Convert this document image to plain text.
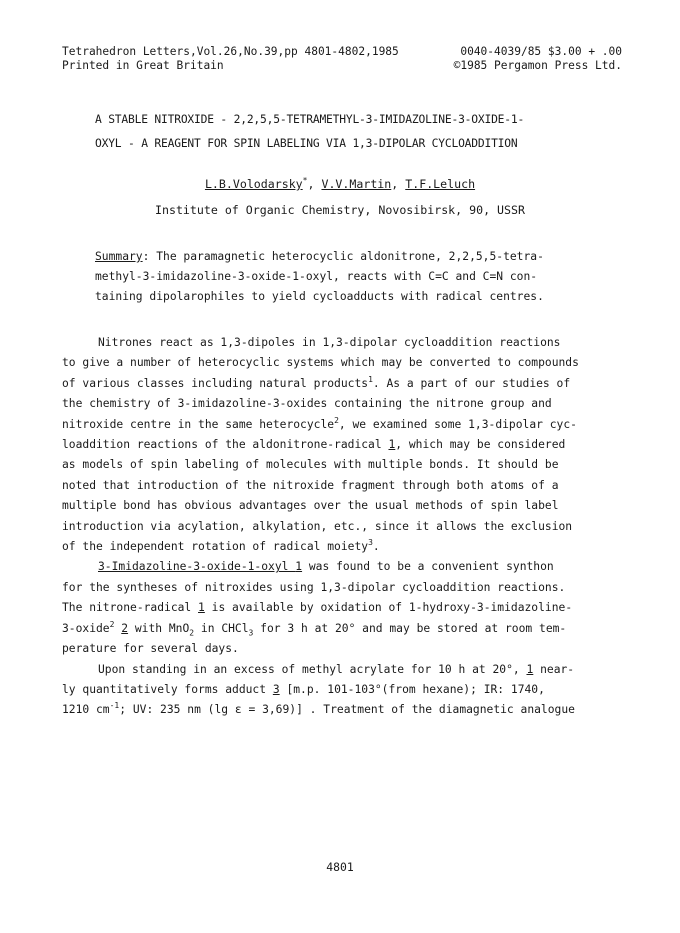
Tetrahedron Letters,Vol.26,No.39,pp 4801-4802,1985	0040-4039/85 $3.00 + .00
Printed in Great Britain	©1985 Pergamon Press Ltd.
A STABLE NITROXIDE - 2,2,5,5-TETRAMETHYL-3-IMIDAZOLINE-3-OXIDE-1-
OXYL - A REAGENT FOR SPIN LABELING VIA 1,3-DIPOLAR CYCLOADDITION
L.B.Volodarsky*, V.V.Martin, T.F.Leluch
Institute of Organic Chemistry, Novosibirsk, 90, USSR
Summary: The paramagnetic heterocyclic aldonitrone, 2,2,5,5-tetra-
methyl-3-imidazoline-3-oxide-1-oxyl, reacts with C=C and C=N con-
taining dipolarophiles to yield cycloadducts with radical centres.
Nitrones react as 1,3-dipoles in 1,3-dipolar cycloaddition reactions
to give a number of heterocyclic systems which may be converted to compounds
of various classes including natural products$^1$. As a part of our studies of
the chemistry of 3-imidazoline-3-oxides containing the nitrone group and
nitroxide centre in the same heterocycle$^2$, we examined some 1,3-dipolar cyc-
loaddition reactions of the aldonitrone-radical 1, which may be considered
as models of spin labeling of molecules with multiple bonds. It should be
noted that introduction of the nitroxide fragment through both atoms of a
multiple bond has obvious advantages over the usual methods of spin label
introduction via acylation, alkylation, etc., since it allows the exclusion
of the independent rotation of radical moiety$^3$.
3-Imidazoline-3-oxide-1-oxyl 1 was found to be a convenient synthon
for the syntheses of nitroxides using 1,3-dipolar cycloaddition reactions.
The nitrone-radical 1 is available by oxidation of 1-hydroxy-3-imidazoline-
3-oxide$^2$ 2 with MnO$_2$ in CHCl$_3$ for 3 h at 20° and may be stored at room tem-
perature for several days.
Upon standing in an excess of methyl acrylate for 10 h at 20°, 1 near-
ly quantitatively forms adduct 3 [m.p. 101-103°(from hexane); IR: 1740,
1210 $cm^{-1}$; UV: 235 nm (lg ε = 3,69)] . Treatment of the diamagnetic analogue
4801
